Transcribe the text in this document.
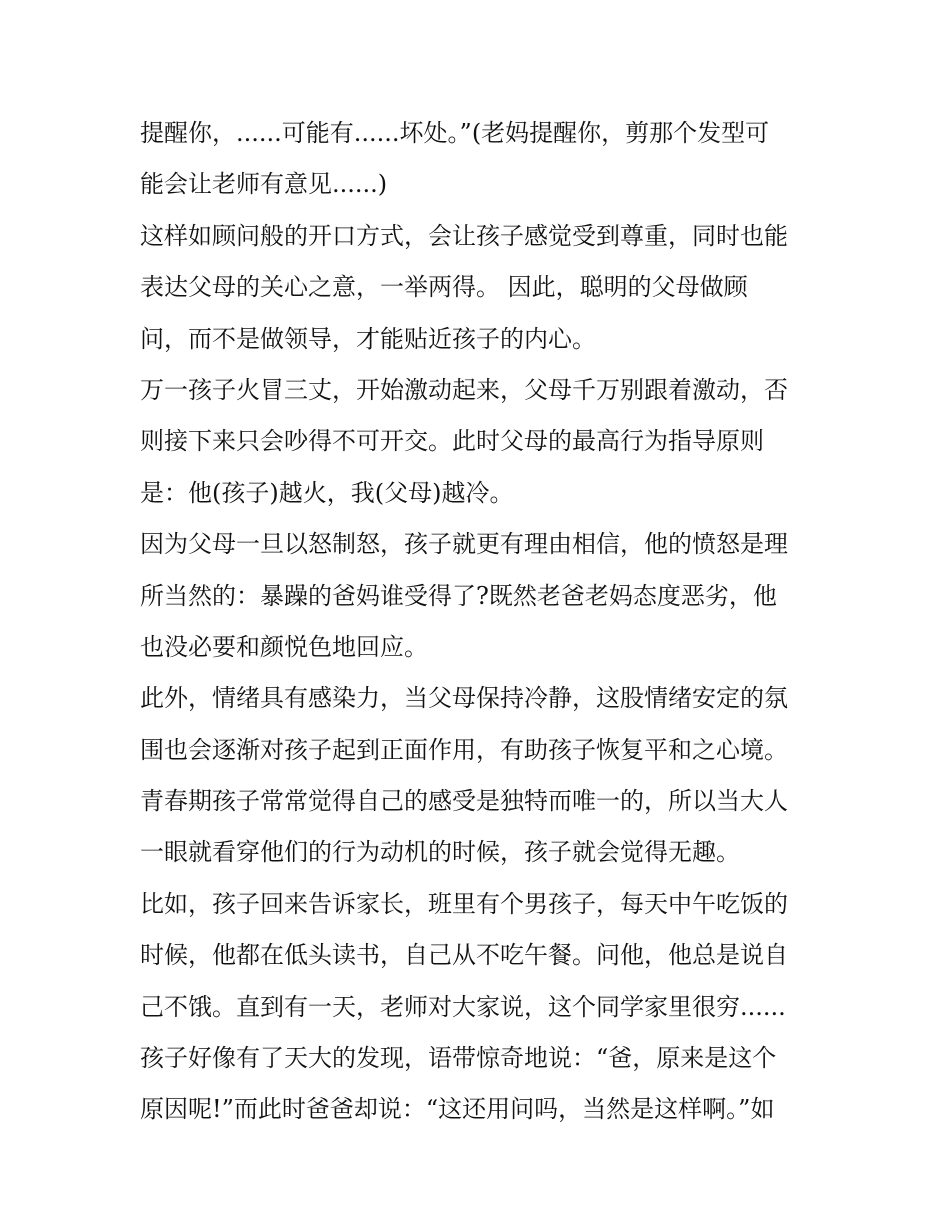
提醒你，......可能有......坏处。”(老妈提醒你，剪那个发型可
能会让老师有意见......)
这样如顾问般的开口方式，会让孩子感觉受到尊重，同时也能
表达父母的关心之意，一举两得。 因此，聪明的父母做顾
问，而不是做领导，才能贴近孩子的内心。
万一孩子火冒三丈，开始激动起来，父母千万别跟着激动，否
则接下来只会吵得不可开交。此时父母的最高行为指导原则
是：他(孩子)越火，我(父母)越冷。
因为父母一旦以怒制怒，孩子就更有理由相信，他的愤怒是理
所当然的：暴躁的爸妈谁受得了?既然老爸老妈态度恶劣，他
也没必要和颜悦色地回应。
此外，情绪具有感染力，当父母保持冷静，这股情绪安定的氛
围也会逐渐对孩子起到正面作用，有助孩子恢复平和之心境。
青春期孩子常常觉得自己的感受是独特而唯一的，所以当大人
一眼就看穿他们的行为动机的时候，孩子就会觉得无趣。
比如，孩子回来告诉家长，班里有个男孩子，每天中午吃饭的
时候，他都在低头读书，自己从不吃午餐。问他，他总是说自
己不饿。直到有一天，老师对大家说，这个同学家里很穷......
孩子好像有了天大的发现，语带惊奇地说：“爸，原来是这个
原因呢!”而此时爸爸却说：“这还用问吗，当然是这样啊。”如
